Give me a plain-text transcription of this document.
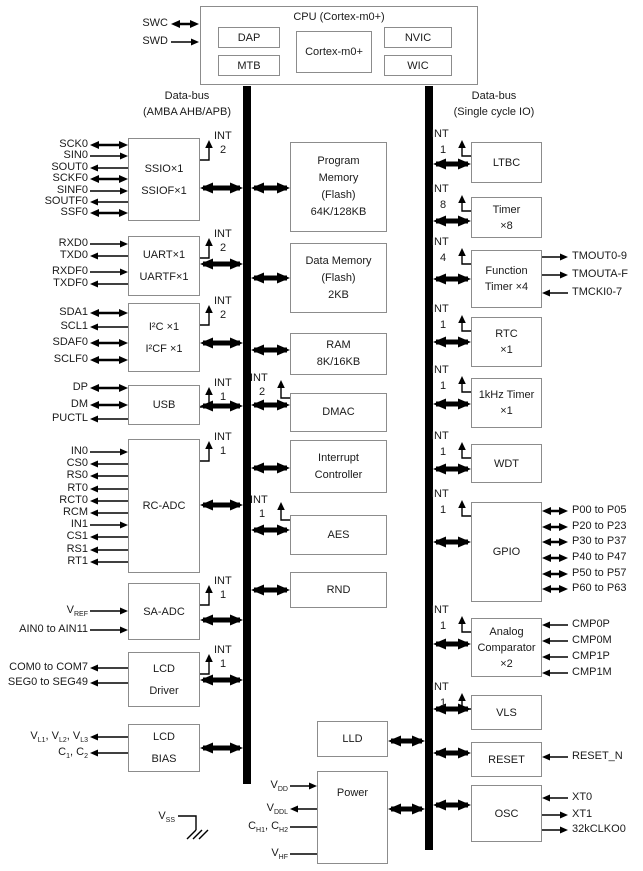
Data-bus
(AMBA AHB/APB)
Data-bus
(Single cycle IO)
CPU (Cortex-m0+)
DAP
MTB
Cortex-m0+
NVIC
WIC
SWC
SWD
SSIO×1
SSIOF×1
INT
2
SCK0
SIN0
SOUT0
SCKF0
SINF0
SOUTF0
SSF0
UART×1
UARTF×1
INT
2
RXD0
TXD0
RXDF0
TXDF0
I²C ×1
I²CF ×1
INT
2
SDA1
SCL1
SDAF0
SCLF0
USB
INT
1
DP
DM
PUCTL
RC-ADC
INT
1
IN0
CS0
RS0
RT0
RCT0
RCM
IN1
CS1
RS1
RT1
SA-ADC
INT
1
$V_{REF}$
AIN0 to AIN11
LCD
Driver
INT
1
COM0 to COM7
SEG0 to SEG49
LCD
BIAS
$V_{L1}$, $V_{L2}$, $V_{L3}$
$C_1$, $C_2$
Program
Memory
(Flash)
64K/128KB
Data Memory
(Flash)
2KB
RAM
8K/16KB
DMAC
INT
2
Interrupt
Controller
AES
INT
1
RND
LLD
Power
$V_{DD}$
$V_{DDL}$
$C_{H1}$, $C_{H2}$
$V_{HF}$
LTBC
INT
1
Timer
×8
INT
8
Function
Timer ×4
INT
4	TMOUT0-9
TMOUTA-F
TMCKI0-7
RTC
×1
INT
1
1kHz Timer
×1
INT
1
WDT
INT
1
GPIO
INT
1	P00 to P05
P20 to P23
P30 to P37
P40 to P47
P50 to P57
P60 to P63
Analog
Comparator
×2
INT
1	CMP0P
CMP0M
CMP1P
CMP1M
VLS
INT
1
RESET	RESET_N
OSC
XT0
XT1
32kCLKO0
$V_{SS}$
